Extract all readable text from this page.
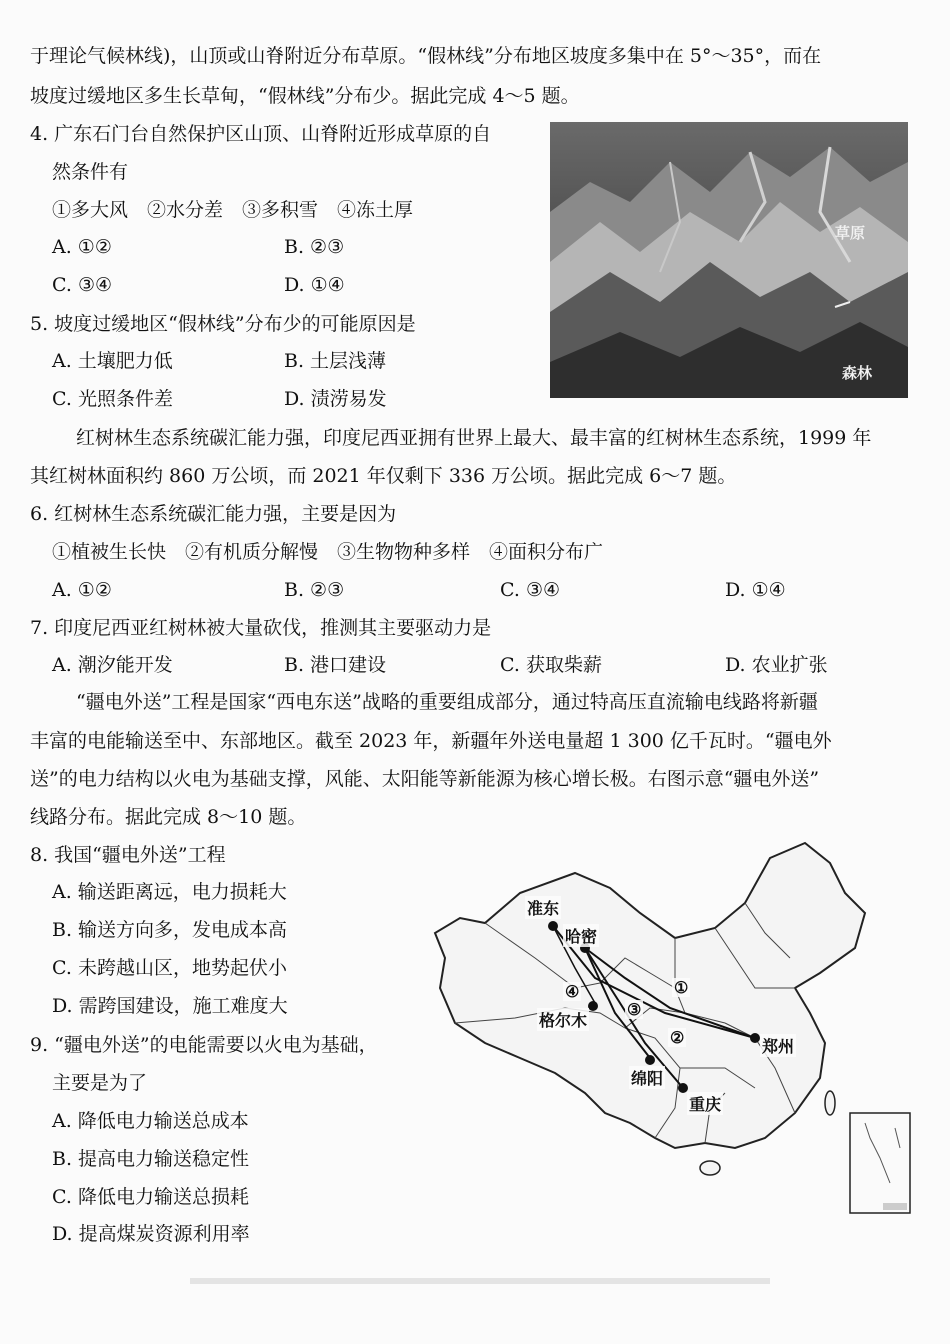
于理论气候林线)，山顶或山脊附近分布草原。“假林线”分布地区坡度多集中在 5°～35°，而在
坡度过缓地区多生长草甸，“假林线”分布少。据此完成 4～5 题。
4. 广东石门台自然保护区山顶、山脊附近形成草原的自
然条件有
①多大风　②水分差　③多积雪　④冻土厚
A. ①②	B. ②③
C. ③④	D. ①④
5. 坡度过缓地区“假林线”分布少的可能原因是
A. 土壤肥力低	B. 土层浅薄
C. 光照条件差	D. 渍涝易发
草原
森林
红树林生态系统碳汇能力强，印度尼西亚拥有世界上最大、最丰富的红树林生态系统，1999 年
其红树林面积约 860 万公顷，而 2021 年仅剩下 336 万公顷。据此完成 6～7 题。
6. 红树林生态系统碳汇能力强，主要是因为
①植被生长快　②有机质分解慢　③生物物种多样　④面积分布广
A. ①②	B. ②③	C. ③④	D. ①④
7. 印度尼西亚红树林被大量砍伐，推测其主要驱动力是
A. 潮汐能开发	B. 港口建设	C. 获取柴薪	D. 农业扩张
“疆电外送”工程是国家“西电东送”战略的重要组成部分，通过特高压直流输电线路将新疆
丰富的电能输送至中、东部地区。截至 2023 年，新疆年外送电量超 1 300 亿千瓦时。“疆电外
送”的电力结构以火电为基础支撑，风能、太阳能等新能源为核心增长极。右图示意“疆电外送”
线路分布。据此完成 8～10 题。
8. 我国“疆电外送”工程
A. 输送距离远，电力损耗大
B. 输送方向多，发电成本高
C. 未跨越山区，地势起伏小
D. 需跨国建设，施工难度大
9. “疆电外送”的电能需要以火电为基础，
主要是为了
A. 降低电力输送总成本
B. 提高电力输送稳定性
C. 降低电力输送总损耗
D. 提高煤炭资源利用率
准东
哈密
格尔木
绵阳
重庆
郑州
①
②
③
④
